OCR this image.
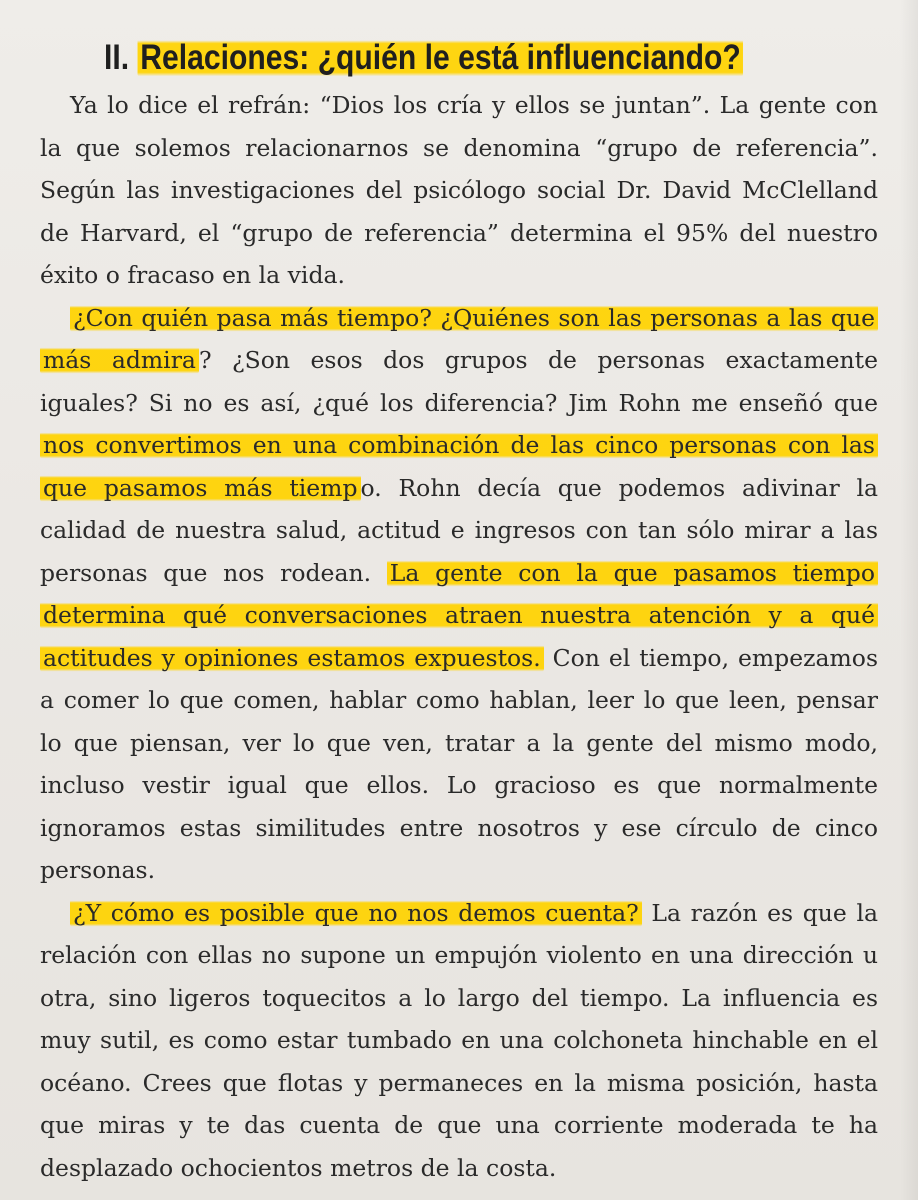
II. Relaciones: ¿quién le está influenciando?

Ya lo dice el refrán: “Dios los cría y ellos se juntan”. La gente con la que solemos relacionarnos se denomina “grupo de referencia”. Según las investigaciones del psicólogo social Dr. David McClelland de Harvard, el “grupo de referencia” determina el 95% del nuestro éxito o fracaso en la vida.

¿Con quién pasa más tiempo? ¿Quiénes son las personas a las que más admira ? ¿Son esos dos grupos de personas exactamente iguales? Si no es así, ¿qué los diferencia? Jim Rohn me enseñó que nos convertimos en una combinación de las cinco personas con las que pasamos más tiemp o. Rohn decía que podemos adivinar la calidad de nuestra salud, actitud e ingresos con tan sólo mirar a las personas que nos rodean. La gente con la que pasamos tiempo determina qué conversaciones atraen nuestra atención y a qué actitudes y opiniones estamos expuestos. Con el tiempo, empezamos a comer lo que comen, hablar como hablan, leer lo que leen, pensar lo que piensan, ver lo que ven, tratar a la gente del mismo modo, incluso vestir igual que ellos. Lo gracioso es que normalmente ignoramos estas similitudes entre nosotros y ese círculo de cinco personas.

¿Y cómo es posible que no nos demos cuenta? La razón es que la relación con ellas no supone un empujón violento en una dirección u otra, sino ligeros toquecitos a lo largo del tiempo. La influencia es muy sutil, es como estar tumbado en una colchoneta hinchable en el océano. Crees que flotas y permaneces en la misma posición, hasta que miras y te das cuenta de que una corriente moderada te ha desplazado ochocientos metros de la costa.
